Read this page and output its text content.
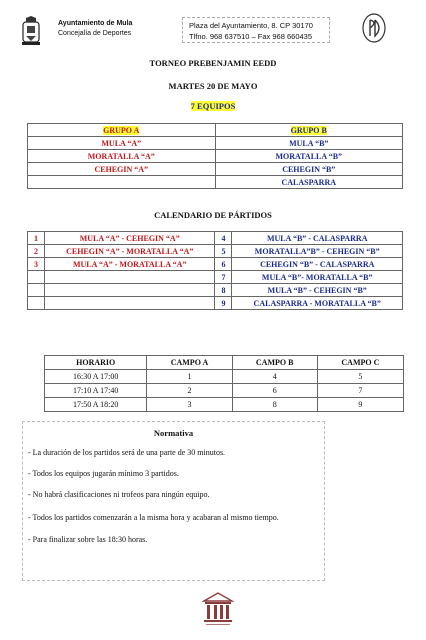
Ayuntamiento de Mula
Concejalía de Deportes
Plaza del Ayuntamiento, 8. CP 30170
Tlfno. 968 637510 – Fax 968 660435
TORNEO PREBENJAMIN EEDD
MARTES 20 DE MAYO
7 EQUIPOS
GRUPO A	GRUPO B
MULA “A”	MULA “B”
MORATALLA “A”	MORATALLA “B”
CEHEGIN “A”	CEHEGIN “B”
	CALASPARRA
CALENDARIO DE PÁRTIDOS
1	MULA “A” - CEHEGIN “A”	4	MULA “B” - CALASPARRA
2	CEHEGIN “A” - MORATALLA “A”	5	MORATALLA”B” - CEHEGIN “B”
3	MULA “A” - MORATALLA “A”	6	CEHEGIN “B” - CALASPARRA
		7	MULA “B”- MORATALLA “B”
		8	MULA “B” - CEHEGIN “B”
		9	CALASPARRA - MORATALLA “B”
HORARIO	CAMPO A	CAMPO B	CAMPO C
16:30 A 17:00	1	4	5
17:10 A 17:40	2	6	7
17:50 A 18:20	3	8	9
Normativa
- La duración de los partidos será de una parte de 30 minutos.
- Todos los equipos jugarán mínimo 3 partidos.
- No habrá clasificaciones ni trofeos para ningún equipo.
- Todos los partidos comenzarán a la misma hora y acabaran al mismo tiempo.
- Para finalizar sobre las 18:30 horas.
